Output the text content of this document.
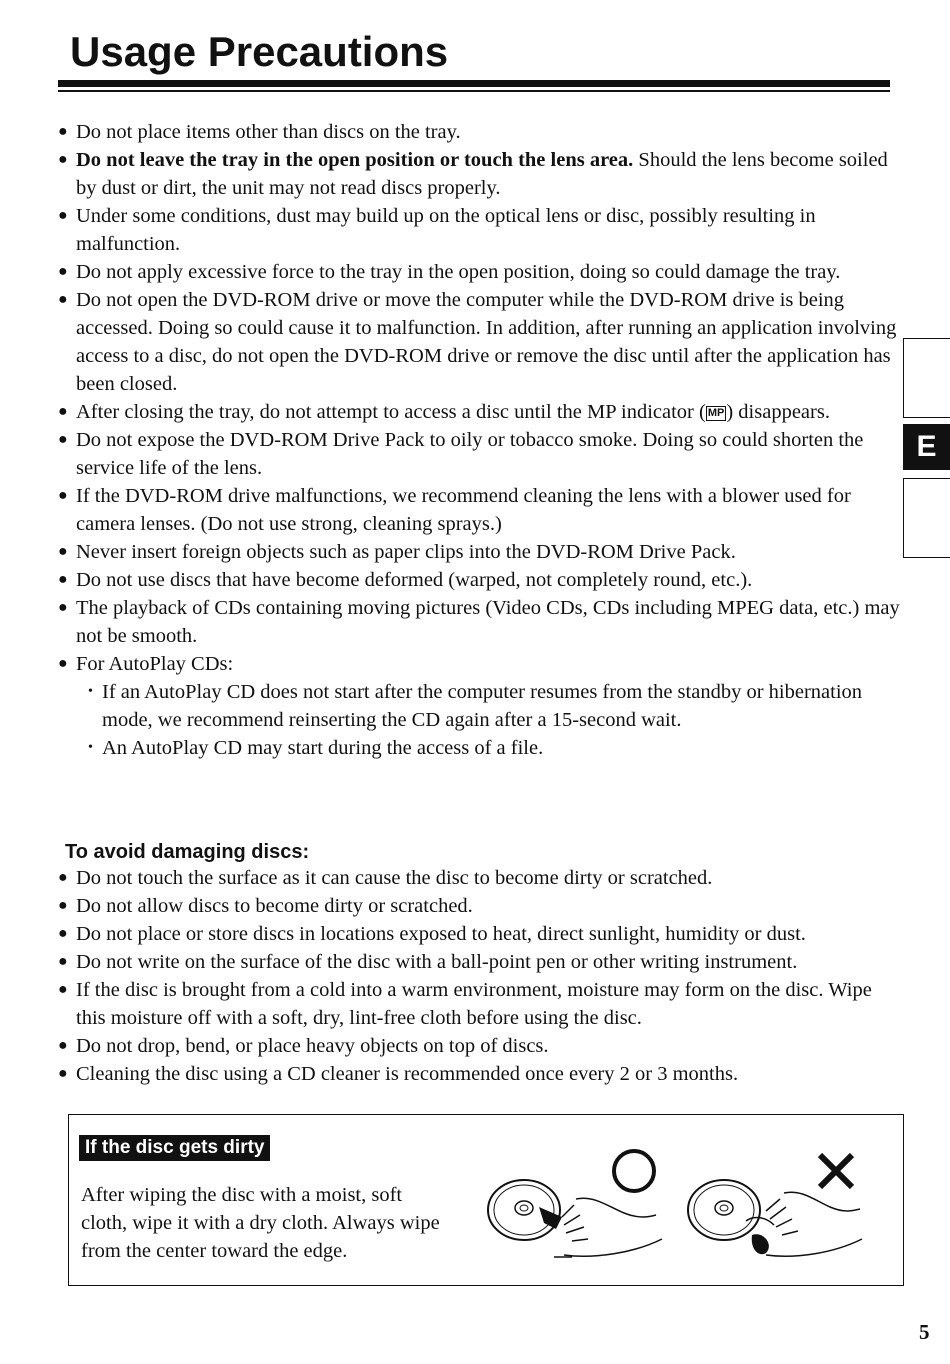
Usage Precautions
● Do not place items other than discs on the tray.
● Do not leave the tray in the open position or touch the lens area. Should the lens become soiled by dust or dirt, the unit may not read discs properly.
● Under some conditions, dust may build up on the optical lens or disc, possibly resulting in malfunction.
● Do not apply excessive force to the tray in the open position, doing so could damage the tray.
● Do not open the DVD-ROM drive or move the computer while the DVD-ROM drive is being accessed. Doing so could cause it to malfunction. In addition, after running an application involving access to a disc, do not open the DVD-ROM drive or remove the disc until after the application has been closed.
● After closing the tray, do not attempt to access a disc until the MP indicator ( MP) disappears.
● Do not expose the DVD-ROM Drive Pack to oily or tobacco smoke. Doing so could shorten the service life of the lens.
● If the DVD-ROM drive malfunctions, we recommend cleaning the lens with a blower used for camera lenses. (Do not use strong, cleaning sprays.)
● Never insert foreign objects such as paper clips into the DVD-ROM Drive Pack.
● Do not use discs that have become deformed (warped, not completely round, etc.).
● The playback of CDs containing moving pictures (Video CDs, CDs including MPEG data, etc.) may not be smooth.
● For AutoPlay CDs:
• If an AutoPlay CD does not start after the computer resumes from the standby or hibernation mode, we recommend reinserting the CD again after a 15-second wait.
• An AutoPlay CD may start during the access of a file.
To avoid damaging discs:
● Do not touch the surface as it can cause the disc to become dirty or scratched.
● Do not allow discs to become dirty or scratched.
● Do not place or store discs in locations exposed to heat, direct sunlight, humidity or dust.
● Do not write on the surface of the disc with a ball-point pen or other writing instrument.
● If the disc is brought from a cold into a warm environment, moisture may form on the disc. Wipe this moisture off with a soft, dry, lint-free cloth before using the disc.
● Do not drop, bend, or place heavy objects on top of discs.
● Cleaning the disc using a CD cleaner is recommended once every 2 or 3 months.
If the disc gets dirty
After wiping the disc with a moist, soft cloth, wipe it with a dry cloth. Always wipe from the center toward the edge.
E
5
